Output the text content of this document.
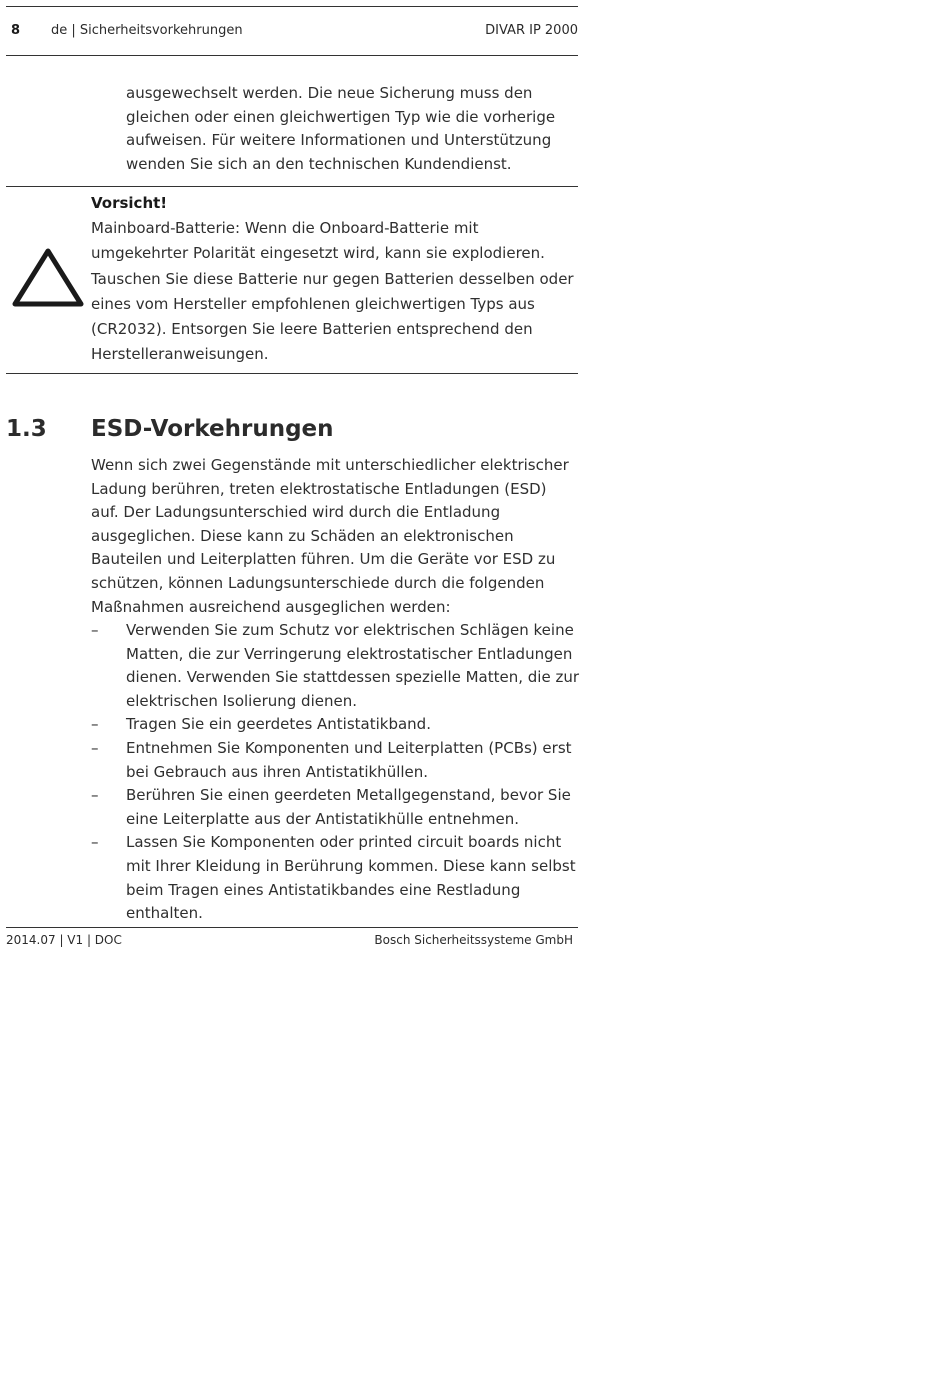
8 de | Sicherheitsvorkehrungen	DIVAR IP 2000

ausgewechselt werden. Die neue Sicherung muss den gleichen oder einen gleichwertigen Typ wie die vorherige aufweisen. Für weitere Informationen und Unterstützung wenden Sie sich an den technischen Kundendienst.

Vorsicht!
Mainboard-Batterie: Wenn die Onboard-Batterie mit umgekehrter Polarität eingesetzt wird, kann sie explodieren. Tauschen Sie diese Batterie nur gegen Batterien desselben oder eines vom Hersteller empfohlenen gleichwertigen Typs aus (CR2032). Entsorgen Sie leere Batterien entsprechend den Herstelleranweisungen.
1.3 ESD-Vorkehrungen

Wenn sich zwei Gegenstände mit unterschiedlicher elektrischer Ladung berühren, treten elektrostatische Entladungen (ESD) auf. Der Ladungsunterschied wird durch die Entladung ausgeglichen. Diese kann zu Schäden an elektronischen Bauteilen und Leiterplatten führen. Um die Geräte vor ESD zu schützen, können Ladungsunterschiede durch die folgenden Maßnahmen ausreichend ausgeglichen werden:

– Verwenden Sie zum Schutz vor elektrischen Schlägen keine Matten, die zur Verringerung elektrostatischer Entladungen dienen. Verwenden Sie stattdessen spezielle Matten, die zur elektrischen Isolierung dienen.
– Tragen Sie ein geerdetes Antistatikband.
– Entnehmen Sie Komponenten und Leiterplatten (PCBs) erst bei Gebrauch aus ihren Antistatikhüllen.
– Berühren Sie einen geerdeten Metallgegenstand, bevor Sie eine Leiterplatte aus der Antistatikhülle entnehmen.
– Lassen Sie Komponenten oder printed circuit boards nicht mit Ihrer Kleidung in Berührung kommen. Diese kann selbst beim Tragen eines Antistatikbandes eine Restladung enthalten.
2014.07 | V1 | DOC	Bosch Sicherheitssysteme GmbH
